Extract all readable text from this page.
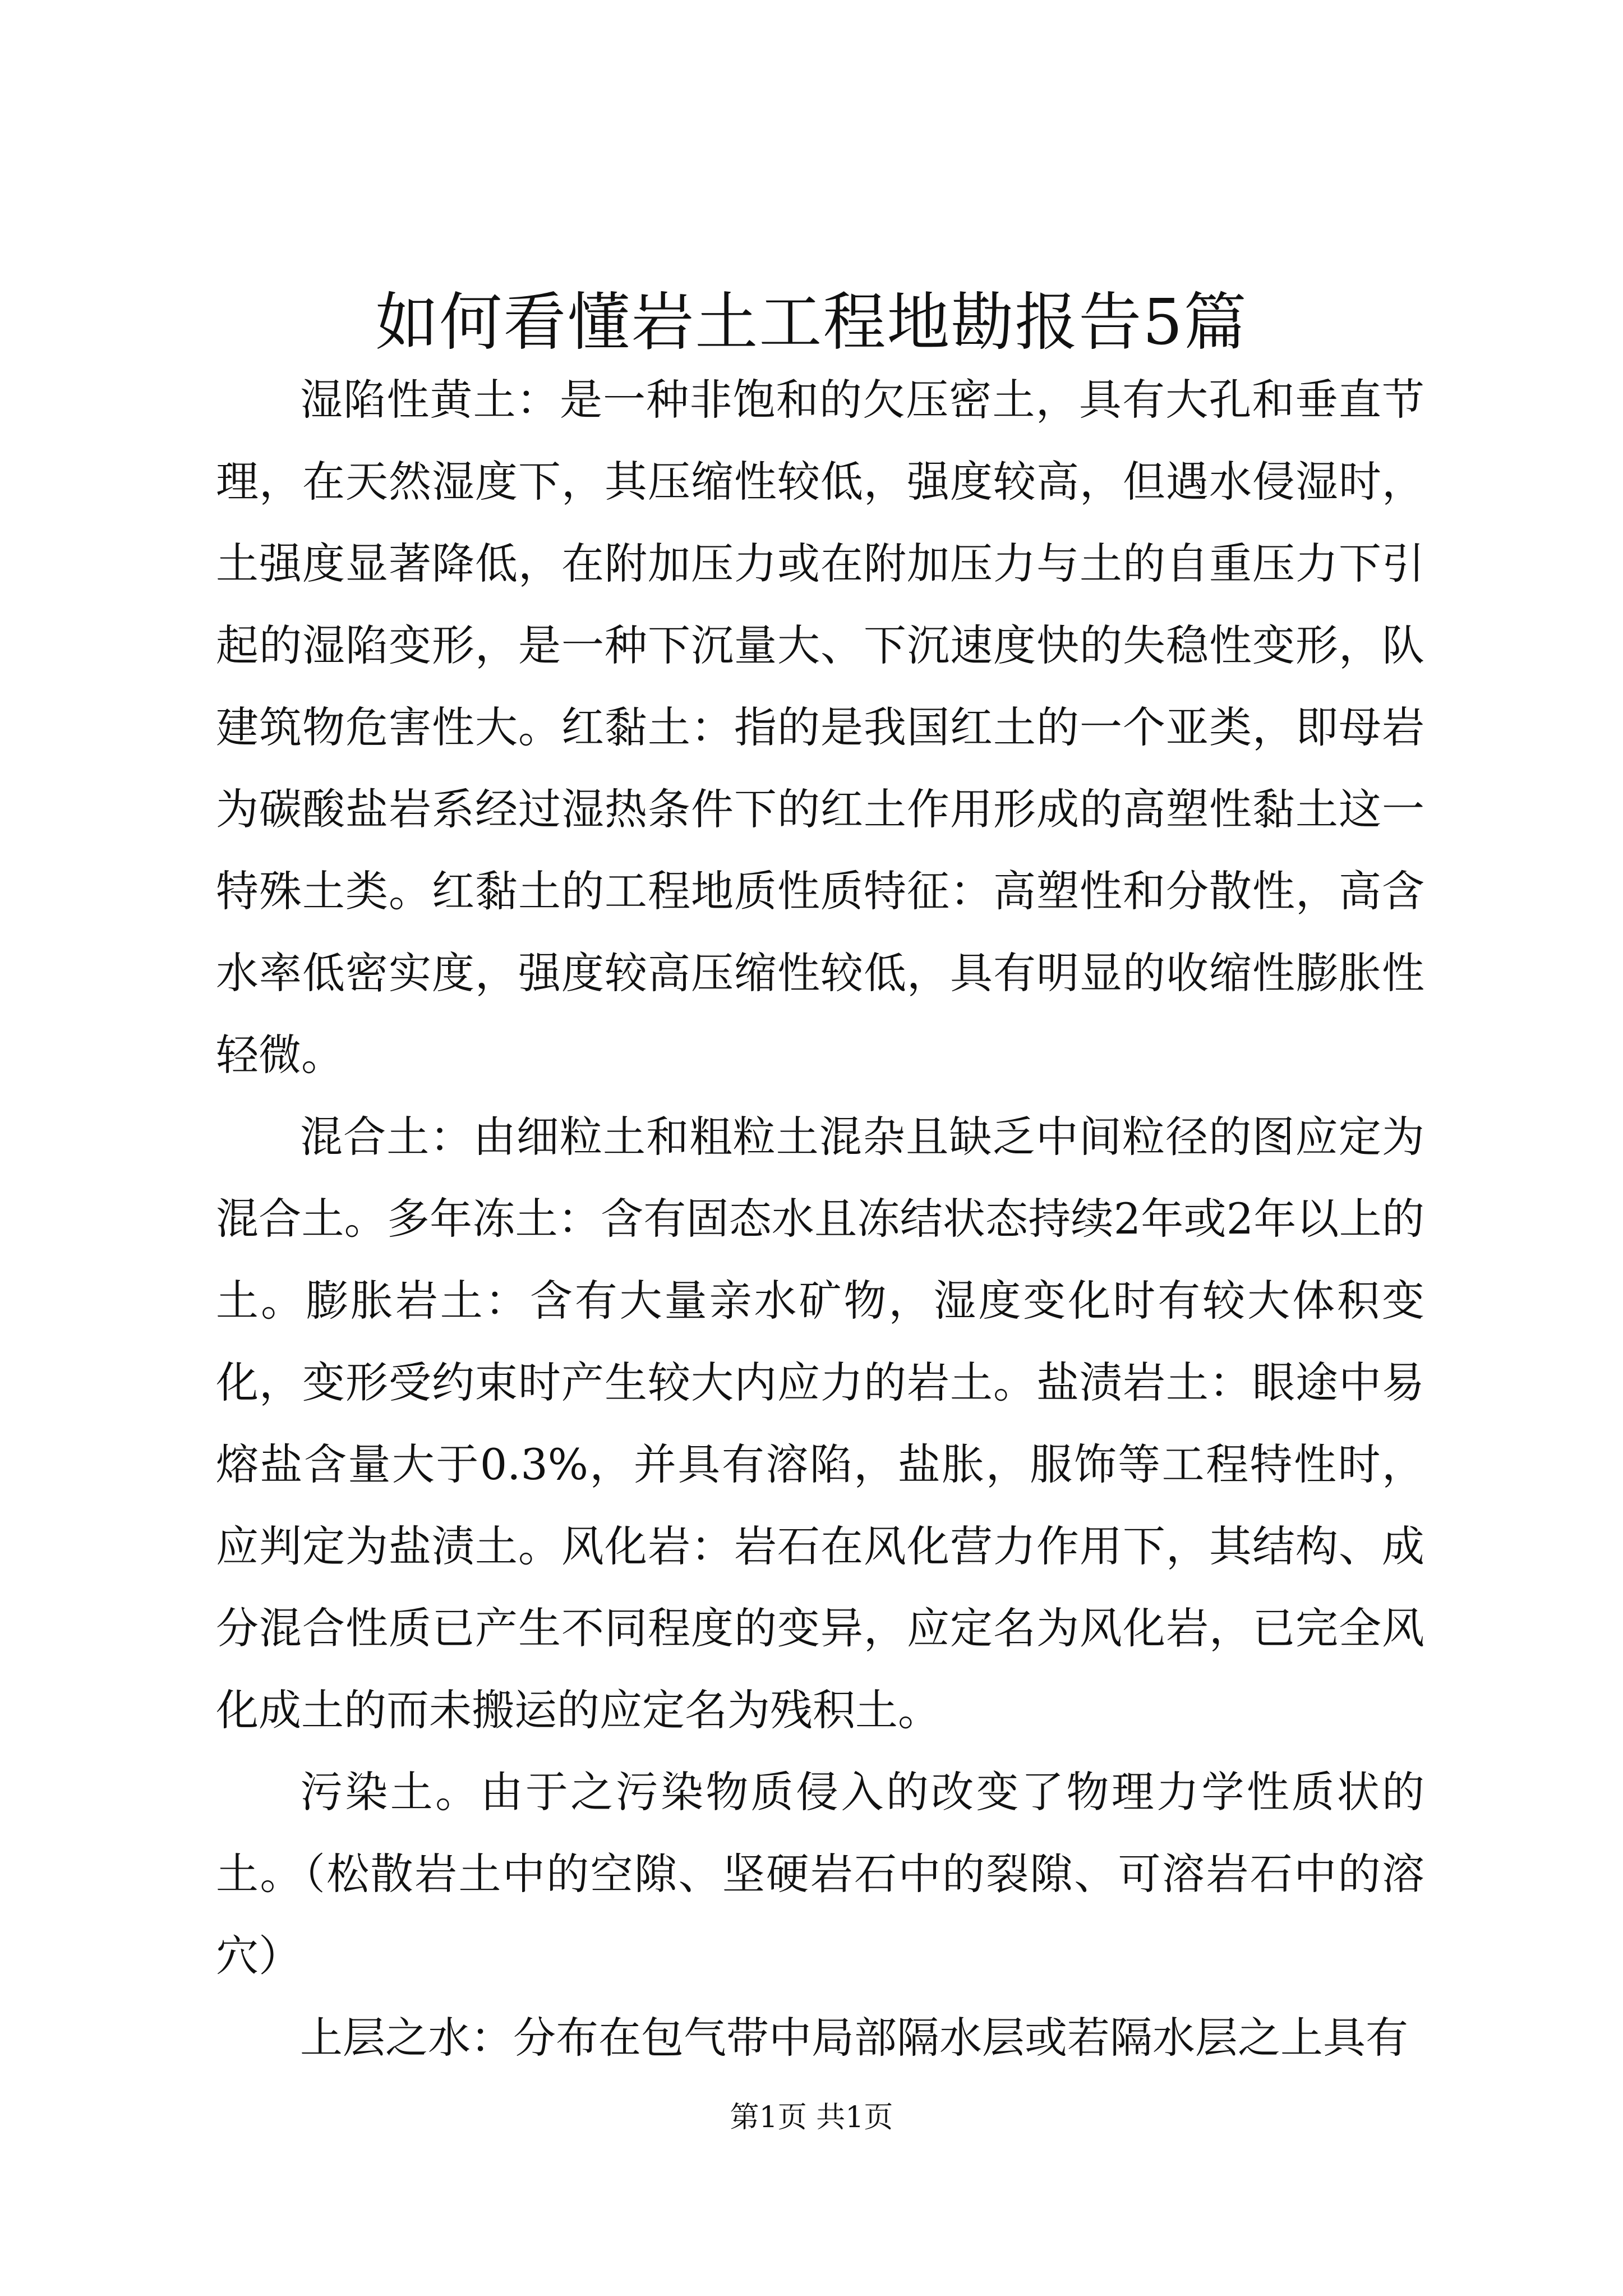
如何看懂岩土工程地勘报告5篇

湿陷性黄土：是一种非饱和的欠压密土，具有大孔和垂直节理，在天然湿度下，其压缩性较低，强度较高，但遇水侵湿时，土强度显著降低，在附加压力或在附加压力与土的自重压力下引起的湿陷变形，是一种下沉量大、下沉速度快的失稳性变形，队建筑物危害性大。红黏土：指的是我国红土的一个亚类，即母岩为碳酸盐岩系经过湿热条件下的红土作用形成的高塑性黏土这一特殊土类。红黏土的工程地质性质特征：高塑性和分散性，高含水率低密实度，强度较高压缩性较低，具有明显的收缩性膨胀性轻微。

混合土：由细粒土和粗粒土混杂且缺乏中间粒径的图应定为混合土。多年冻土：含有固态水且冻结状态持续2年或2年以上的土。膨胀岩土：含有大量亲水矿物，湿度变化时有较大体积变化，变形受约束时产生较大内应力的岩土。盐渍岩土：眼途中易熔盐含量大于0.3%，并具有溶陷，盐胀，服饰等工程特性时，应判定为盐渍土。风化岩：岩石在风化营力作用下，其结构、成分混合性质已产生不同程度的变异，应定名为风化岩，已完全风化成土的而未搬运的应定名为残积土。

污染土。由于之污染物质侵入的改变了物理力学性质状的土。（松散岩土中的空隙、坚硬岩石中的裂隙、可溶岩石中的溶穴）

上层之水：分布在包气带中局部隔水层或若隔水层之上具有

第1页 共1页
